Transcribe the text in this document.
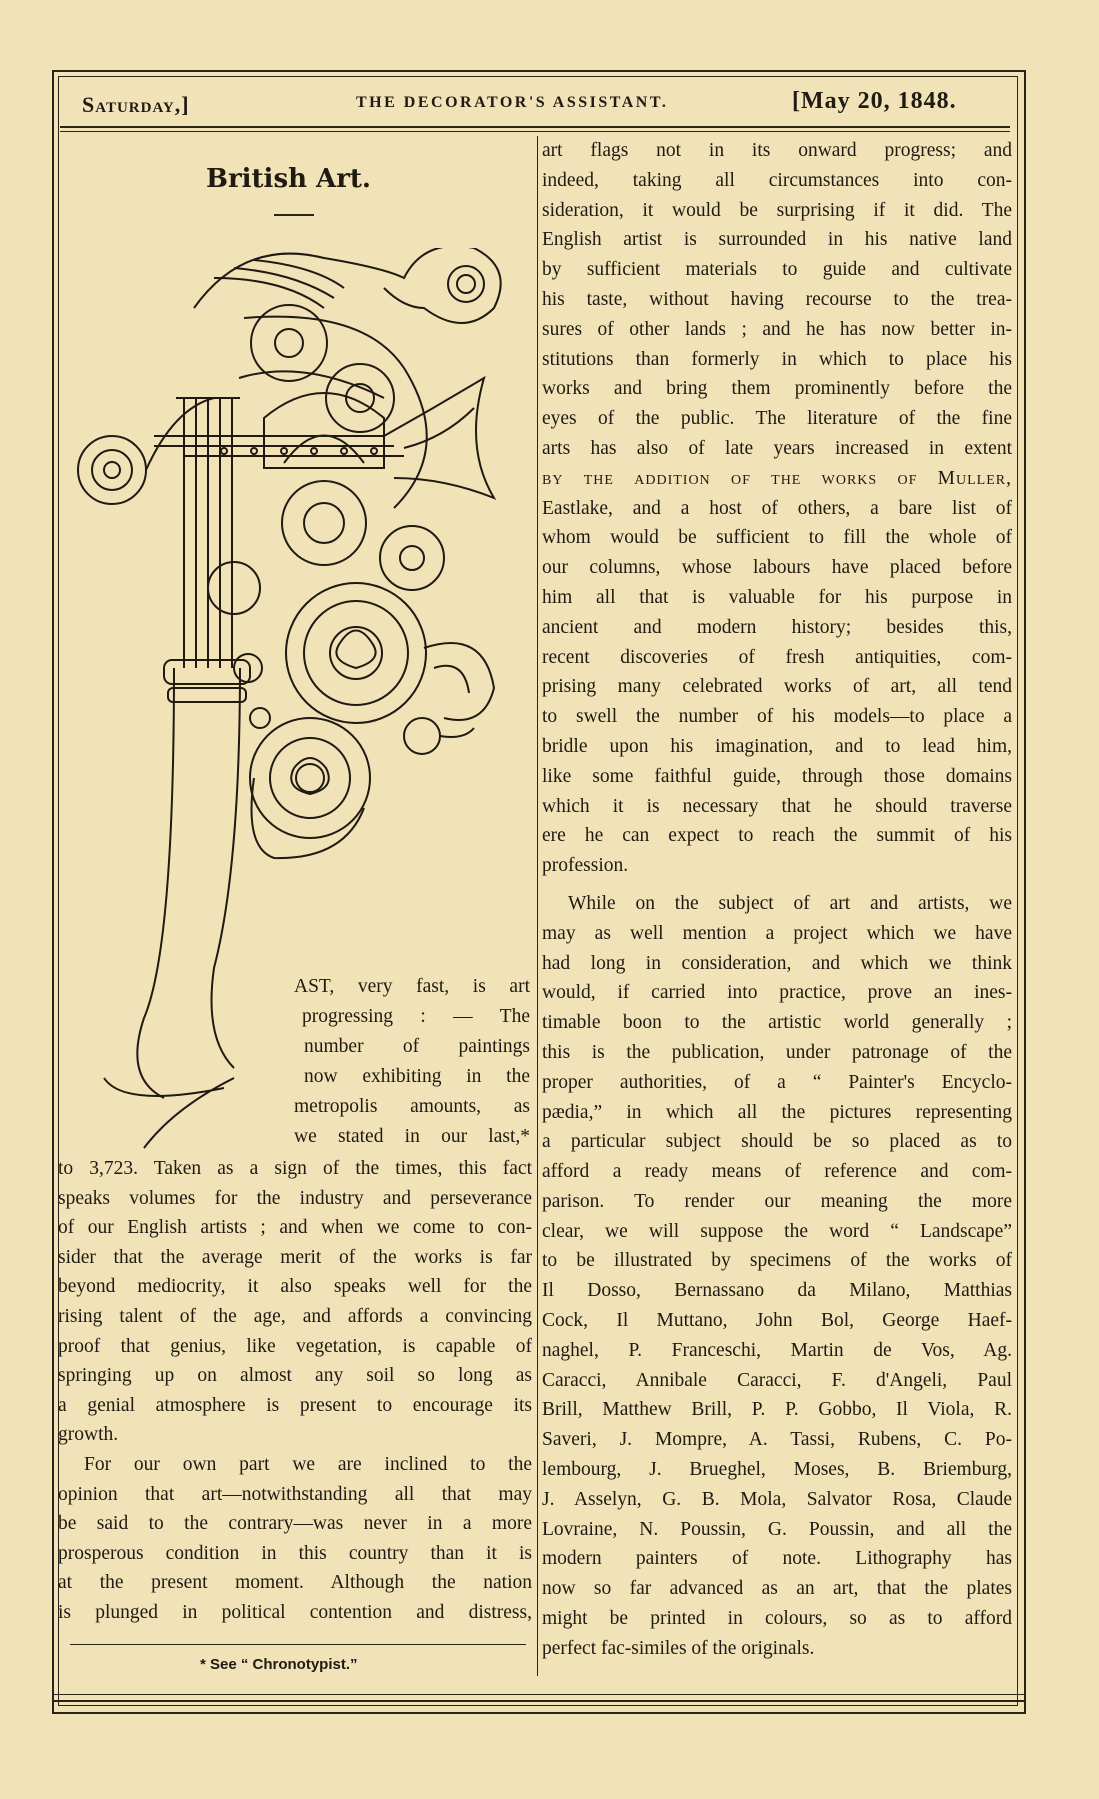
Saturday,]	THE DECORATOR'S ASSISTANT.	[May 20, 1848.
British Art.
AST, very fast, is art
progressing : — The
number of paintings
now exhibiting in the
metropolis amounts, as
we stated in our last,*
to 3,723. Taken as a sign of the times, this fact
speaks volumes for the industry and perseverance
of our English artists ; and when we come to con-
sider that the average merit of the works is far
beyond mediocrity, it also speaks well for the
rising talent of the age, and affords a convincing
proof that genius, like vegetation, is capable of
springing up on almost any soil so long as
a genial atmosphere is present to encourage its
growth.
For our own part we are inclined to the
opinion that art—notwithstanding all that may
be said to the contrary—was never in a more
prosperous condition in this country than it is
at the present moment. Although the nation
is plunged in political contention and distress,
* See “ Chronotypist.”
art flags not in its onward progress; and
indeed, taking all circumstances into con-
sideration, it would be surprising if it did. The
English artist is surrounded in his native land
by sufficient materials to guide and cultivate
his taste, without having recourse to the trea-
sures of other lands ; and he has now better in-
stitutions than formerly in which to place his
works and bring them prominently before the
eyes of the public. The literature of the fine
arts has also of late years increased in extent
by the addition of the works of Muller,
Eastlake, and a host of others, a bare list of
whom would be sufficient to fill the whole of
our columns, whose labours have placed before
him all that is valuable for his purpose in
ancient and modern history; besides this,
recent discoveries of fresh antiquities, com-
prising many celebrated works of art, all tend
to swell the number of his models—to place a
bridle upon his imagination, and to lead him,
like some faithful guide, through those domains
which it is necessary that he should traverse
ere he can expect to reach the summit of his
profession.
While on the subject of art and artists, we
may as well mention a project which we have
had long in consideration, and which we think
would, if carried into practice, prove an ines-
timable boon to the artistic world generally ;
this is the publication, under patronage of the
proper authorities, of a “ Painter's Encyclo-
pædia,” in which all the pictures representing
a particular subject should be so placed as to
afford a ready means of reference and com-
parison. To render our meaning the more
clear, we will suppose the word “ Landscape”
to be illustrated by specimens of the works of
Il Dosso, Bernassano da Milano, Matthias
Cock, Il Muttano, John Bol, George Haef-
naghel, P. Franceschi, Martin de Vos, Ag.
Caracci, Annibale Caracci, F. d'Angeli, Paul
Brill, Matthew Brill, P. P. Gobbo, Il Viola, R.
Saveri, J. Mompre, A. Tassi, Rubens, C. Po-
lembourg, J. Brueghel, Moses, B. Briemburg,
J. Asselyn, G. B. Mola, Salvator Rosa, Claude
Lovraine, N. Poussin, G. Poussin, and all the
modern painters of note. Lithography has
now so far advanced as an art, that the plates
might be printed in colours, so as to afford
perfect fac-similes of the originals.
